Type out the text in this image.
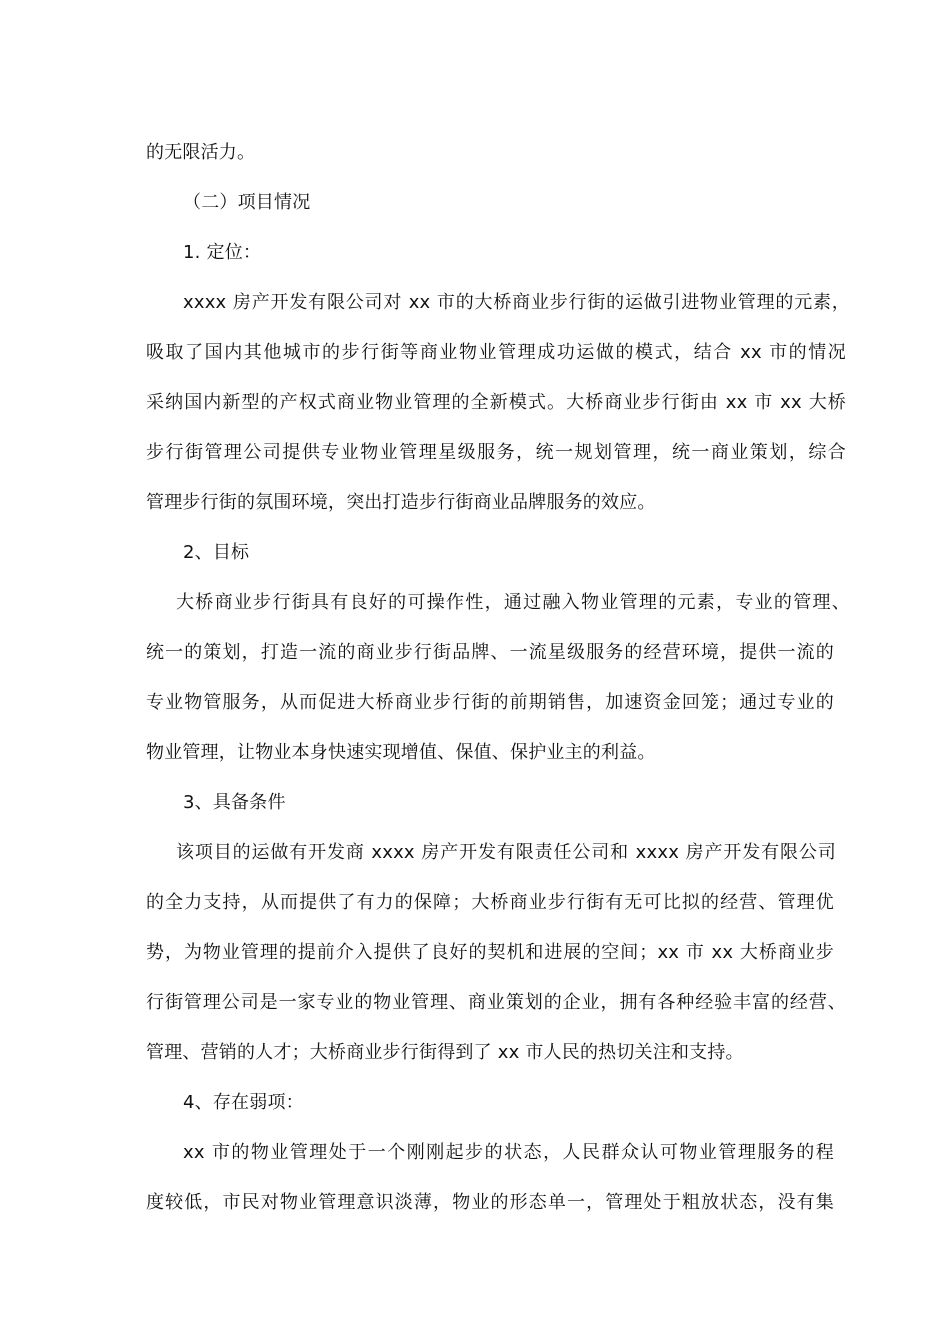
的无限活力。
（二）项目情况
1. 定位：
xxxx 房产开发有限公司对 xx 市的大桥商业步行街的运做引进物业管理的元素，
吸取了国内其他城市的步行街等商业物业管理成功运做的模式，结合 xx 市的情况
采纳国内新型的产权式商业物业管理的全新模式。大桥商业步行街由 xx 市 xx 大桥
步行街管理公司提供专业物业管理星级服务，统一规划管理，统一商业策划，综合
管理步行街的氛围环境，突出打造步行街商业品牌服务的效应。
2、目标
大桥商业步行街具有良好的可操作性，通过融入物业管理的元素，专业的管理、
统一的策划，打造一流的商业步行街品牌、一流星级服务的经营环境，提供一流的
专业物管服务，从而促进大桥商业步行街的前期销售，加速资金回笼；通过专业的
物业管理，让物业本身快速实现增值、保值、保护业主的利益。
3、具备条件
该项目的运做有开发商 xxxx 房产开发有限责任公司和 xxxx 房产开发有限公司
的全力支持，从而提供了有力的保障；大桥商业步行街有无可比拟的经营、管理优
势，为物业管理的提前介入提供了良好的契机和进展的空间；xx 市 xx 大桥商业步
行街管理公司是一家专业的物业管理、商业策划的企业，拥有各种经验丰富的经营、
管理、营销的人才；大桥商业步行街得到了 xx 市人民的热切关注和支持。
4、存在弱项：
xx 市的物业管理处于一个刚刚起步的状态，人民群众认可物业管理服务的程
度较低，市民对物业管理意识淡薄，物业的形态单一，管理处于粗放状态，没有集
